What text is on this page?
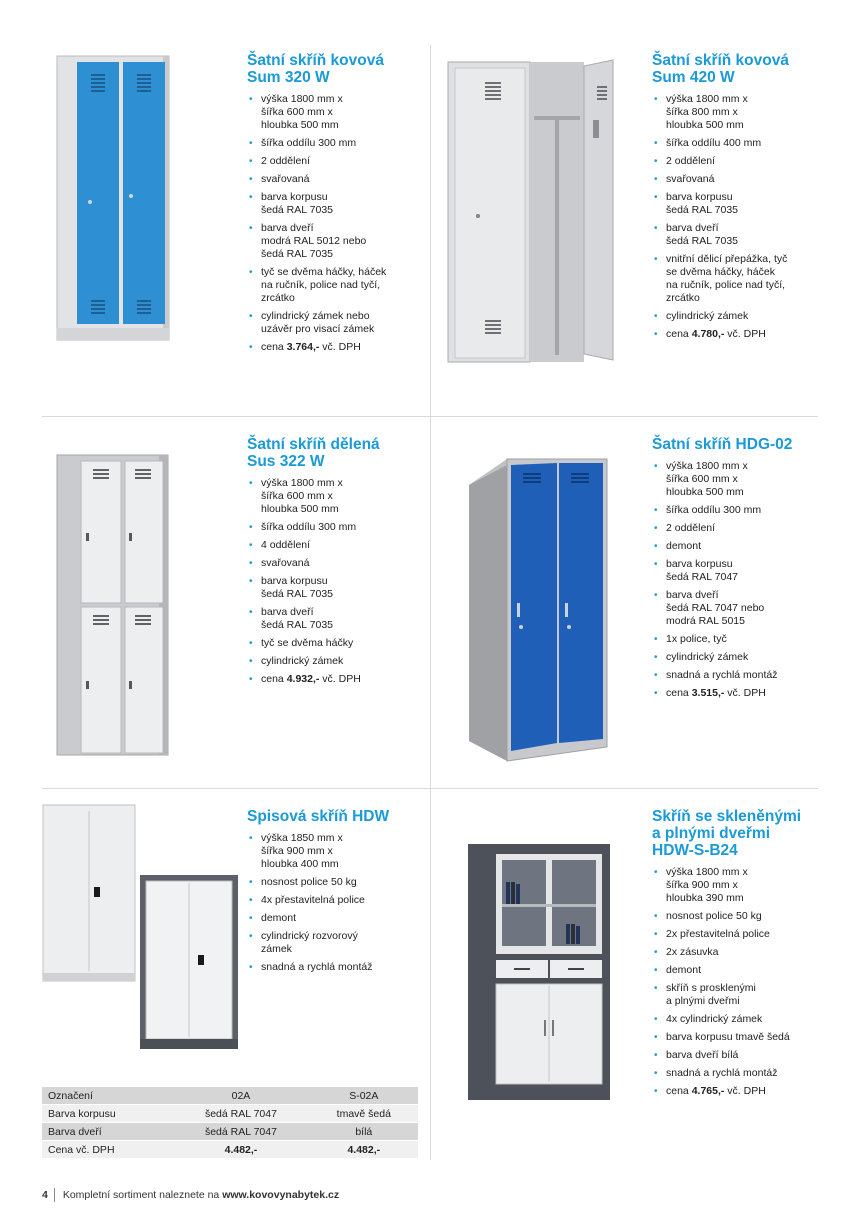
Šatní skříň kovová
Sum 320 W
• výška 1800 mm x
šířka 600 mm x
hloubka 500 mm
• šířka oddílu 300 mm
• 2 oddělení
• svařovaná
• barva korpusu
šedá RAL 7035
• barva dveří
modrá RAL 5012 nebo
šedá RAL 7035
• tyč se dvěma háčky, háček
na ručník, police nad tyčí,
zrcátko
• cylindrický zámek nebo
uzávěr pro visací zámek
• cena 3.764,- vč. DPH
Šatní skříň kovová
Sum 420 W
• výška 1800 mm x
šířka 800 mm x
hloubka 500 mm
• šířka oddílu 400 mm
• 2 oddělení
• svařovaná
• barva korpusu
šedá RAL 7035
• barva dveří
šedá RAL 7035
• vnitřní dělicí přepážka, tyč
se dvěma háčky, háček
na ručník, police nad tyčí,
zrcátko
• cylindrický zámek
• cena 4.780,- vč. DPH
Šatní skříň dělená
Sus 322 W
• výška 1800 mm x
šířka 600 mm x
hloubka 500 mm
• šířka oddílu 300 mm
• 4 oddělení
• svařovaná
• barva korpusu
šedá RAL 7035
• barva dveří
šedá RAL 7035
• tyč se dvěma háčky
• cylindrický zámek
• cena 4.932,- vč. DPH
Šatní skříň HDG-02
• výška 1800 mm x
šířka 600 mm x
hloubka 500 mm
• šířka oddílu 300 mm
• 2 oddělení
• demont
• barva korpusu
šedá RAL 7047
• barva dveří
šedá RAL 7047 nebo
modrá RAL 5015
• 1x police, tyč
• cylindrický zámek
• snadná a rychlá montáž
• cena 3.515,- vč. DPH
Spisová skříň HDW
• výška 1850 mm x
šířka 900 mm x
hloubka 400 mm
• nosnost police 50 kg
• 4x přestavitelná police
• demont
• cylindrický rozvorový
zámek
• snadná a rychlá montáž
Skříň se skleněnými
a plnými dveřmi
HDW-S-B24
• výška 1800 mm x
šířka 900 mm x
hloubka 390 mm
• nosnost police 50 kg
• 2x přestavitelná police
• 2x zásuvka
• demont
• skříň s prosklenými
a plnými dveřmi
• 4x cylindrický zámek
• barva korpusu tmavě šedá
• barva dveří bílá
• snadná a rychlá montáž
• cena 4.765,- vč. DPH
Označení	02A	S-02A
Barva korpusu	šedá RAL 7047	tmavě šedá
Barva dveří	šedá RAL 7047	bílá
Cena vč. DPH	4.482,-	4.482,-
4 Kompletní sortiment naleznete na www.kovovynabytek.cz
